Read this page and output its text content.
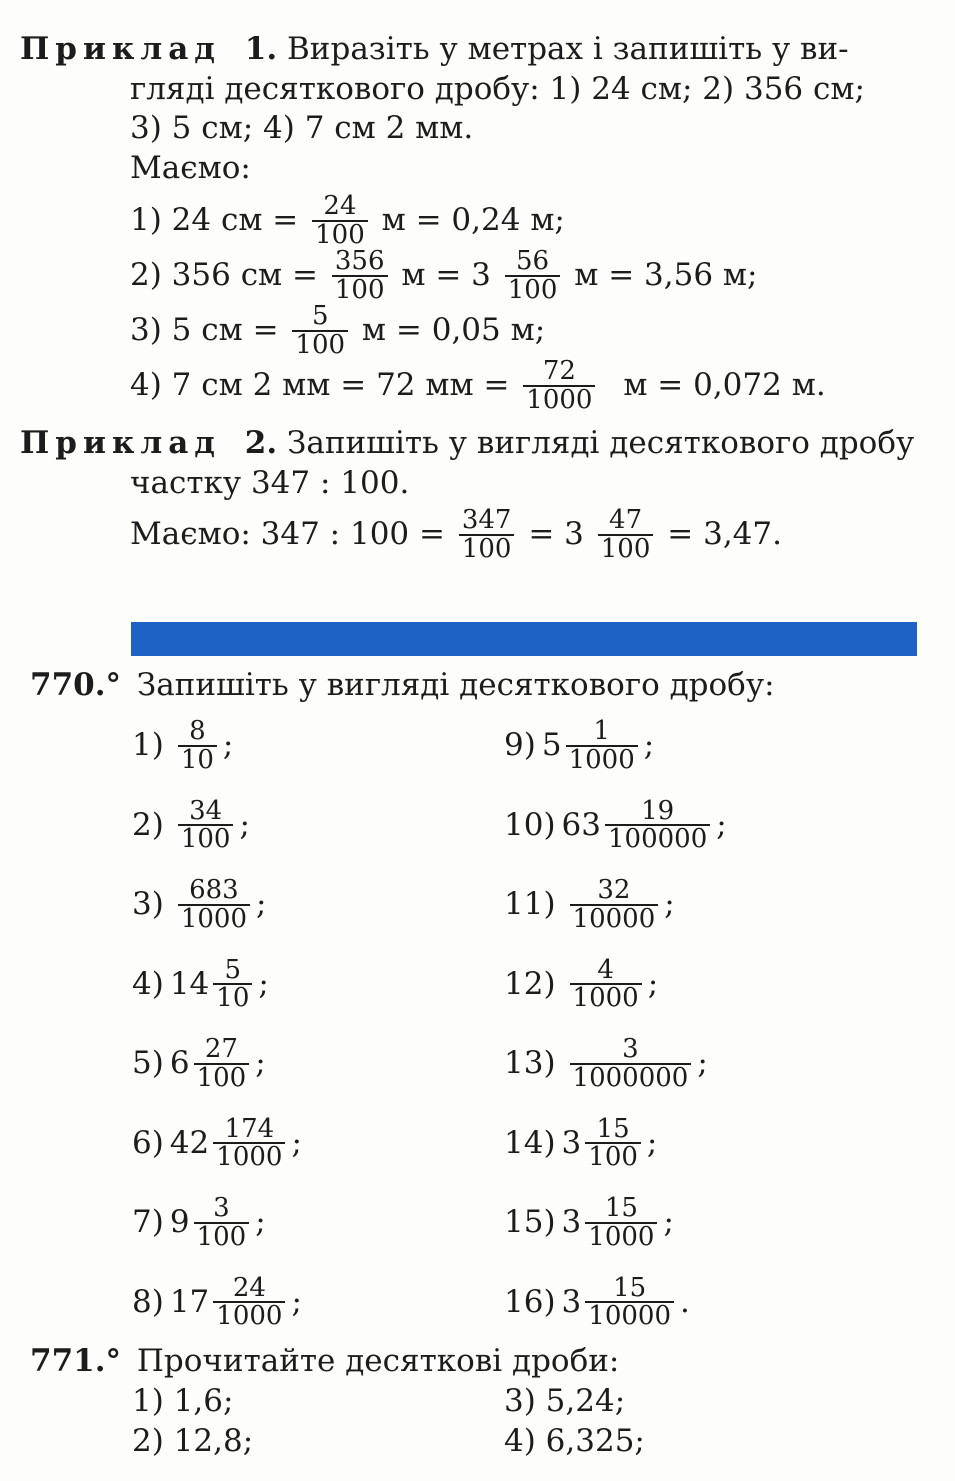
Приклад 1. Виразіть у метрах і запишіть у ви-
гляді десяткового дробу: 1) 24 см; 2) 356 см;
3) 5 см; 4) 7 см 2 мм.
Маємо:
1) 24 см = $\frac{24}{100}$ м = 0,24 м;
2) 356 см = $\frac{356}{100}$ $м = 3 \frac{56}{100}$ м = 3,56 м;
3) 5 см = $\frac{5}{100}$ м = 0,05 м;
4) 7 см 2 мм = 72 мм = $\frac{72}{1000}$ м = 0,072 м.
Приклад 2. Запишіть у вигляді десяткового дробу
частку 347 : 100.
Маємо: 347 : $100 = \frac{347}{100} = 3 \frac{47}{100} = 3,47$.
770.° Запишіть у вигляді десяткового дробу:
$1) \frac{8}{10}$ ;
$2) \frac{34}{100}$ ;
$3) \frac{683}{1000}$ ;
4) $14 \frac{5}{10}$ ;
5) $6 \frac{27}{100}$ ;
6) $42 \frac{174}{1000}$ ;
7) $9 \frac{3}{100}$ ;
8) $17 \frac{24}{1000}$ ;
9) $5 \frac{1}{1000}$ ;
10) $63 \frac{19}{100000}$ ;
$11) \frac{32}{10000}$ ;
$12) \frac{4}{1000}$ ;
$13) \frac{3}{1000000}$ ;
14) $3 \frac{15}{100}$ ;
15) $3 \frac{15}{1000}$ ;
16) $3 \frac{15}{10000}$ .
771.° Прочитайте десяткові дроби:
1) 1,6;	3) 5,24;
2) 12,8;	4) 6,325;
